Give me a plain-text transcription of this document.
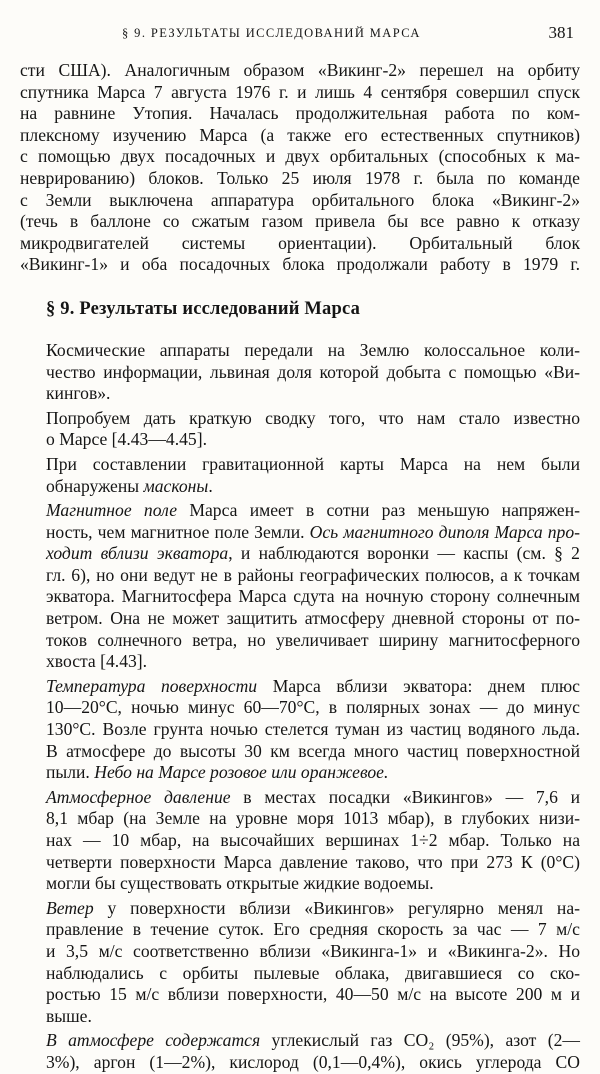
§ 9. РЕЗУЛЬТАТЫ ИССЛЕДОВАНИЙ МАРСА	381

сти США). Аналогичным образом «Викинг-2» перешел на орбиту
спутника Марса 7 августа 1976 г. и лишь 4 сентября совершил спуск
на равнине Утопия. Началась продолжительная работа по ком-
плексному изучению Марса (а также его естественных спутников)
с помощью двух посадочных и двух орбитальных (способных к ма-
неврированию) блоков. Только 25 июля 1978 г. была по команде
с Земли выключена аппаратура орбитального блока «Викинг-2»
(течь в баллоне со сжатым газом привела бы все равно к отказу
микродвигателей системы ориентации). Орбитальный блок
«Викинг-1» и оба посадочных блока продолжали работу в 1979 г.

§ 9. Результаты исследований Марса

Космические аппараты передали на Землю колоссальное коли-
чество информации, львиная доля которой добыта с помощью «Ви-
кингов».

Попробуем дать краткую сводку того, что нам стало известно
о Марсе [4.43—4.45].

При составлении гравитационной карты Марса на нем были
обнаружены масконы.

Магнитное поле Марса имеет в сотни раз меньшую напряжен-
ность, чем магнитное поле Земли. Ось магнитного диполя Марса про-
ходит вблизи экватора, и наблюдаются воронки — каспы (см. § 2
гл. 6), но они ведут не в районы географических полюсов, а к точкам
экватора. Магнитосфера Марса сдута на ночную сторону солнечным
ветром. Она не может защитить атмосферу дневной стороны от по-
токов солнечного ветра, но увеличивает ширину магнитосферного
хвоста [4.43].

Температура поверхности Марса вблизи экватора: днем плюс
10—20°С, ночью минус 60—70°С, в полярных зонах — до минус
130°С. Возле грунта ночью стелется туман из частиц водяного льда.
В атмосфере до высоты 30 км всегда много частиц поверхностной
пыли. Небо на Марсе розовое или оранжевое.

Атмосферное давление в местах посадки «Викингов» — 7,6 и
8,1 мбар (на Земле на уровне моря 1013 мбар), в глубоких низи-
нах — 10 мбар, на высочайших вершинах 1÷2 мбар. Только на
четверти поверхности Марса давление таково, что при 273 К (0°С)
могли бы существовать открытые жидкие водоемы.

Ветер у поверхности вблизи «Викингов» регулярно менял на-
правление в течение суток. Его средняя скорость за час — 7 м/с
и 3,5 м/с соответственно вблизи «Викинга-1» и «Викинга-2». Но
наблюдались с орбиты пылевые облака, двигавшиеся со ско-
ростью 15 м/с вблизи поверхности, 40—50 м/с на высоте 200 м и
выше.

В атмосфере содержатся углекислый газ СО₂ (95%), азот (2—
3%), аргон (1—2%), кислород (0,1—0,4%), окись углерода СО
